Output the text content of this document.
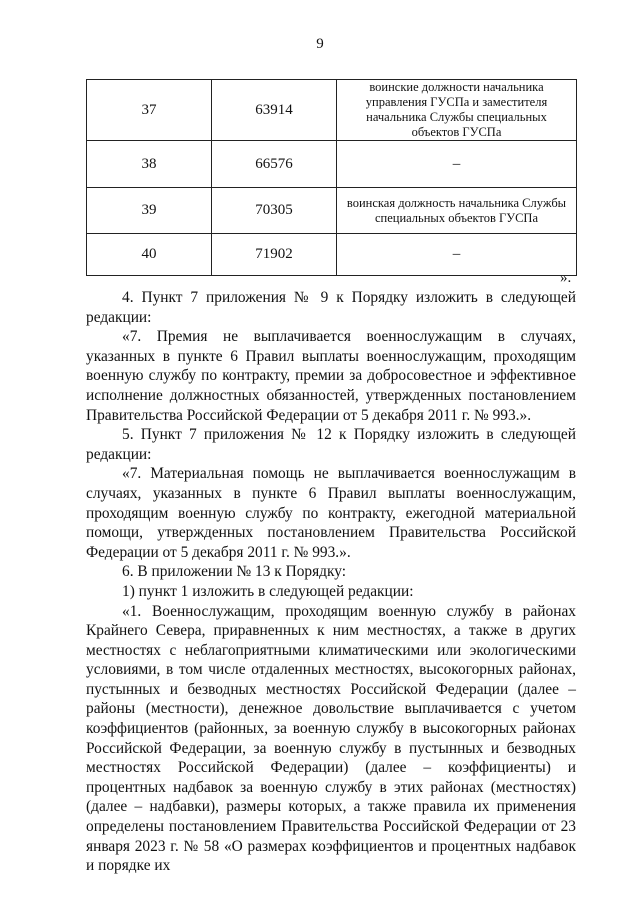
9
37	63914	воинские должности начальника управления ГУСПа и заместителя начальника Службы специальных объектов ГУСПа
38	66576	–
39	70305	воинская должность начальника Службы специальных объектов ГУСПа
40	71902	–
».

4. Пункт 7 приложения № 9 к Порядку изложить в следующей редакции:

«7. Премия не выплачивается военнослужащим в случаях, указанных в пункте 6 Правил выплаты военнослужащим, проходящим военную службу по контракту, премии за добросовестное и эффективное исполнение должностных обязанностей, утвержденных постановлением Правительства Российской Федерации от 5 декабря 2011 г. № 993.».

5. Пункт 7 приложения № 12 к Порядку изложить в следующей редакции:

«7. Материальная помощь не выплачивается военнослужащим в случаях, указанных в пункте 6 Правил выплаты военнослужащим, проходящим военную службу по контракту, ежегодной материальной помощи, утвержденных постановлением Правительства Российской Федерации от 5 декабря 2011 г. № 993.».

6. В приложении № 13 к Порядку:

1) пункт 1 изложить в следующей редакции:

«1. Военнослужащим, проходящим военную службу в районах Крайнего Севера, приравненных к ним местностях, а также в других местностях с неблагоприятными климатическими или экологическими условиями, в том числе отдаленных местностях, высокогорных районах, пустынных и безводных местностях Российской Федерации (далее – районы (местности), денежное довольствие выплачивается с учетом коэффициентов (районных, за военную службу в высокогорных районах Российской Федерации, за военную службу в пустынных и безводных местностях Российской Федерации) (далее – коэффициенты) и процентных надбавок за военную службу в этих районах (местностях) (далее – надбавки), размеры которых, а также правила их применения определены постановлением Правительства Российской Федерации от 23 января 2023 г. № 58 «О размерах коэффициентов и процентных надбавок и порядке их
